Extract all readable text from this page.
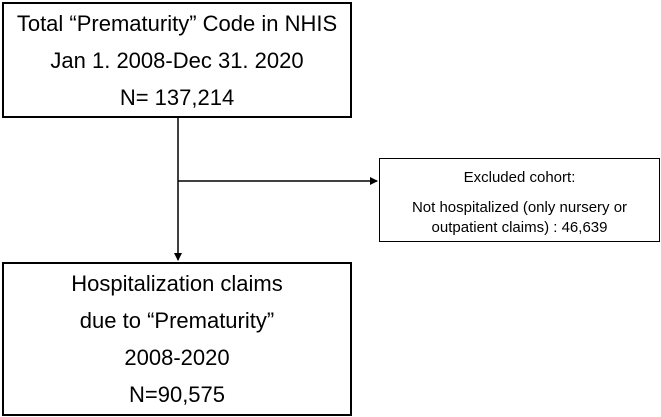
Total “Prematurity” Code in NHIS
Jan 1. 2008-Dec 31. 2020
N= 137,214
Excluded cohort:
Not hospitalized (only nursery or
outpatient claims) : 46,639
Hospitalization claims
due to “Prematurity”
2008-2020
N=90,575
